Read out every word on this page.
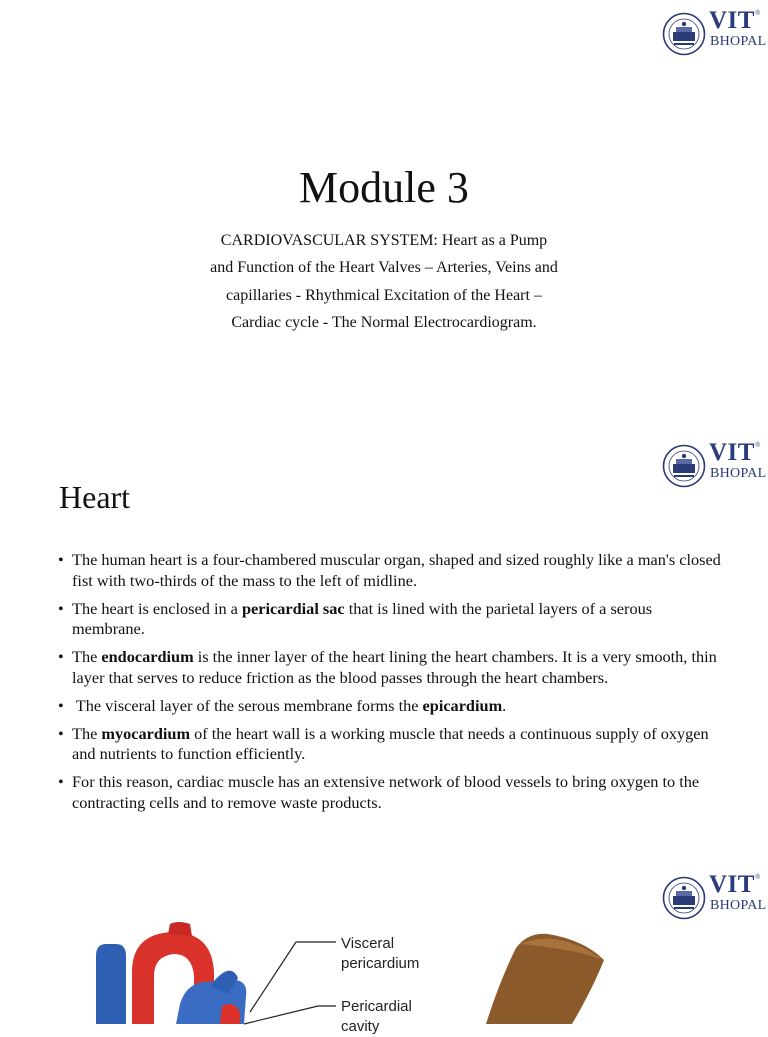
VIT®
BHOPAL
Module 3
CARDIOVASCULAR SYSTEM: Heart as a Pump
and Function of the Heart Valves – Arteries, Veins and
capillaries - Rhythmical Excitation of the Heart –
Cardiac cycle - The Normal Electrocardiogram.
VIT®
BHOPAL
Heart
• The human heart is a four-chambered muscular organ, shaped and sized roughly like a man's closed fist with two-thirds of the mass to the left of midline.
• The heart is enclosed in a pericardial sac that is lined with the parietal layers of a serous membrane.
• The endocardium is the inner layer of the heart lining the heart chambers. It is a very smooth, thin layer that serves to reduce friction as the blood passes through the heart chambers.
•  The visceral layer of the serous membrane forms the epicardium.
• The myocardium of the heart wall is a working muscle that needs a continuous supply of oxygen and nutrients to function efficiently.
• For this reason, cardiac muscle has an extensive network of blood vessels to bring oxygen to the contracting cells and to remove waste products.
VIT®
BHOPAL
Visceral
pericardium
Pericardial
cavity
